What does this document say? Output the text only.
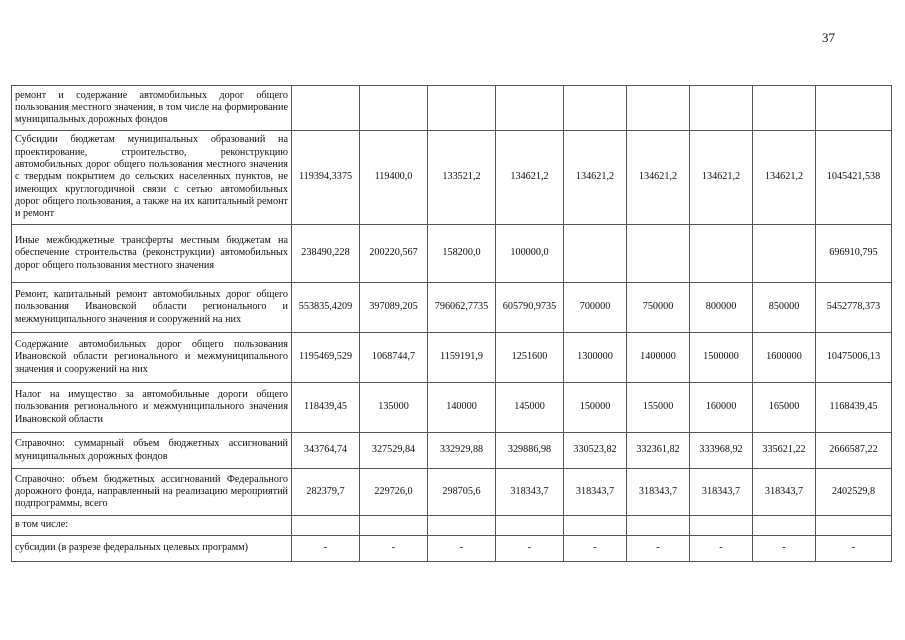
37
ремонт и содержание автомобильных дорог общего пользования местного значения, в том числе на формирование муниципальных дорожных фондов									
Субсидии бюджетам муниципальных образований на проектирование, строительство, реконструкцию автомобильных дорог общего пользования местного значения с твердым покрытием до сельских населенных пунктов, не имеющих круглогодичной связи с сетью автомобильных дорог общего пользования, а также на их капитальный ремонт и ремонт	119394,3375	119400,0	133521,2	134621,2	134621,2	134621,2	134621,2	134621,2	1045421,538
Иные межбюджетные трансферты местным бюджетам на обеспечение строительства (реконструкции) автомобильных дорог общего пользования местного значения	238490,228	200220,567	158200,0	100000,0					696910,795
Ремонт, капитальный ремонт автомобильных дорог общего пользования Ивановской области регионального и межмуниципального значения и сооружений на них	553835,4209	397089,205	796062,7735	605790,9735	700000	750000	800000	850000	5452778,373
Содержание автомобильных дорог общего пользования Ивановской области регионального и межмуниципального значения и сооружений на них	1195469,529	1068744,7	1159191,9	1251600	1300000	1400000	1500000	1600000	10475006,13
Налог на имущество за автомобильные дороги общего пользования регионального и межмуниципального значения Ивановской области	118439,45	135000	140000	145000	150000	155000	160000	165000	1168439,45
Справочно: суммарный объем бюджетных ассигнований муниципальных дорожных фондов	343764,74	327529,84	332929,88	329886,98	330523,82	332361,82	333968,92	335621,22	2666587,22
Справочно: объем бюджетных ассигнований Федерального дорожного фонда, направленный на реализацию мероприятий подпрограммы, всего	282379,7	229726,0	298705,6	318343,7	318343,7	318343,7	318343,7	318343,7	2402529,8
в том числе:									
субсидии (в разрезе федеральных целевых программ)	-	-	-	-	-	-	-	-	-
